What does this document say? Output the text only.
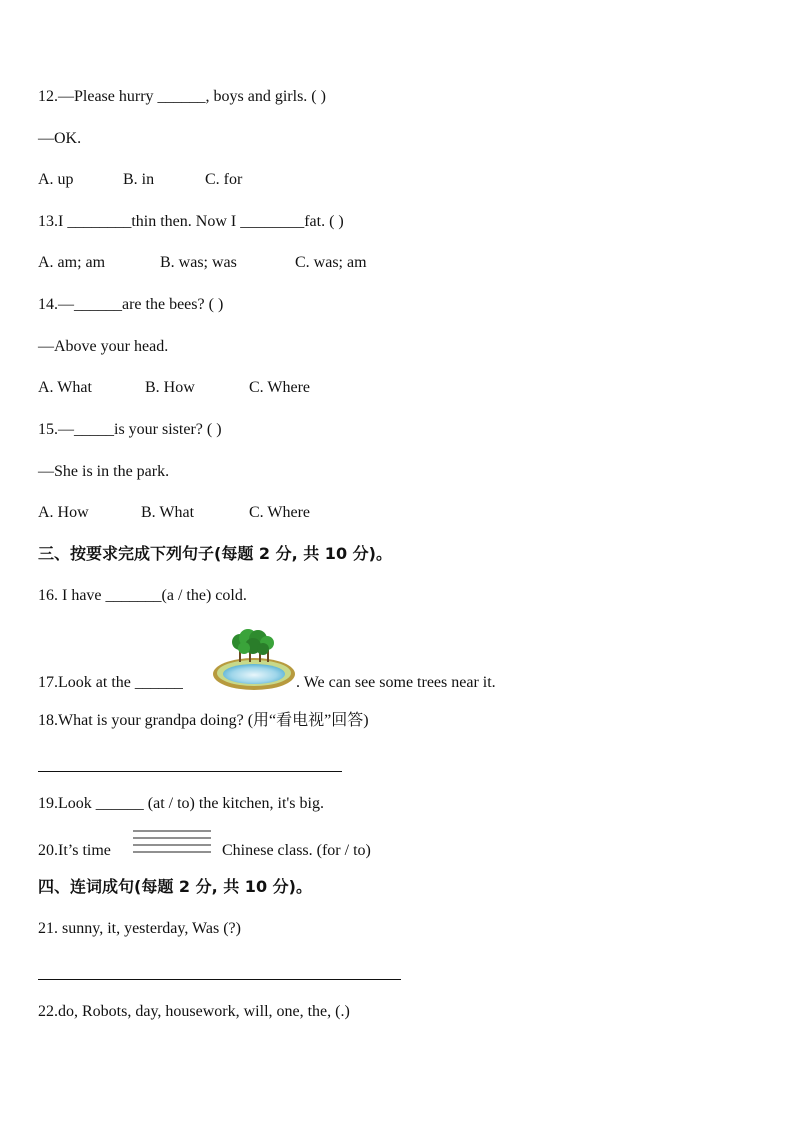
12.—Please hurry ______, boys and girls. ( )
—OK.
A. up	B. in	C. for
13.I ________thin then. Now I ________fat. ( )
A. am; am	B. was; was	C. was; am
14.—______are the bees? ( )
—Above your head.
A. What	B. How	C. Where
15.—_____is your sister? ( )
—She is in the park.
A. How	B. What	C. Where
三、按要求完成下列句子(每题 2 分, 共 10 分)。
16. I have _______(a / the) cold.
17.Look at the ______	. We can see some trees near it.
18.What is your grandpa doing? (用“看电视”回答)
19.Look ______ (at / to) the kitchen, it's big.
20.It’s time	Chinese class. (for / to)
四、连词成句(每题 2 分, 共 10 分)。
21. sunny, it, yesterday, Was (?)
22.do, Robots, day, housework, will, one, the, (.)
